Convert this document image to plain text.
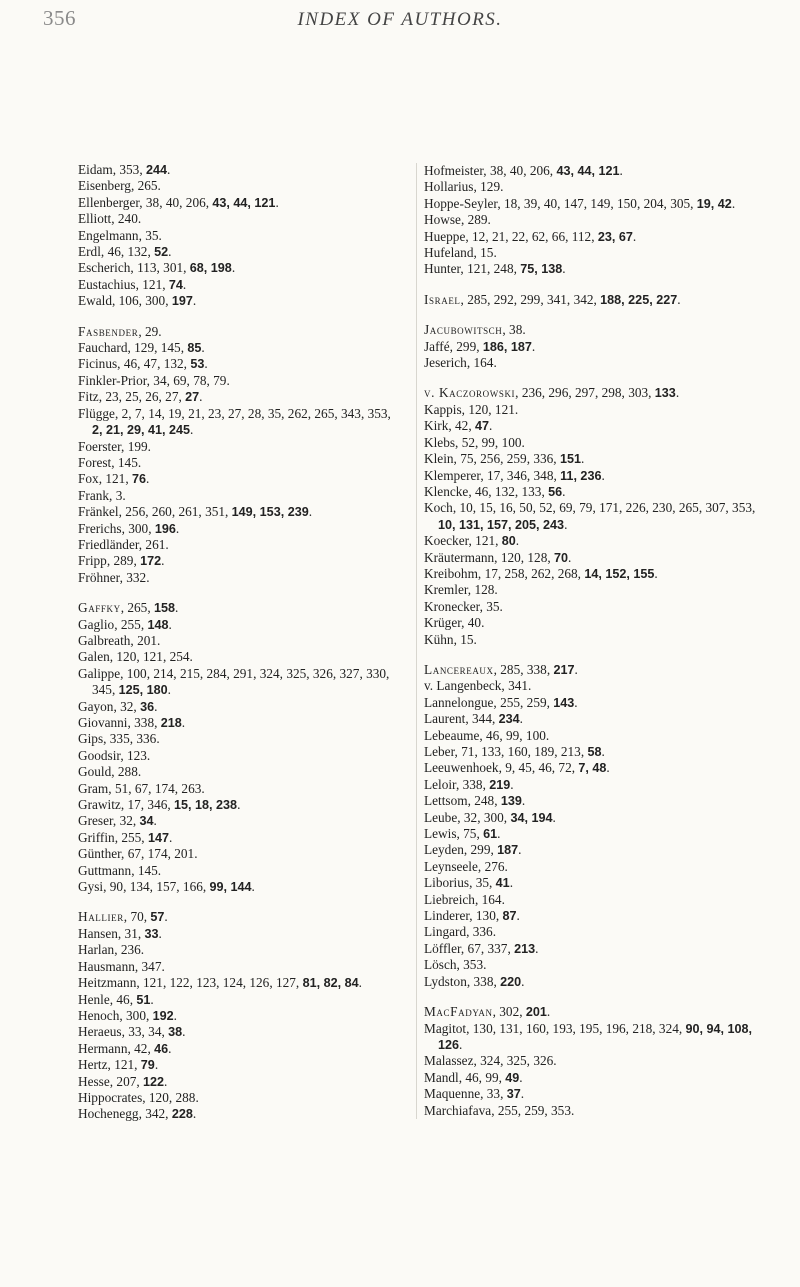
356	INDEX OF AUTHORS.

Eidam, 353, 244.

Eisenberg, 265.

Ellenberger, 38, 40, 206, 43, 44, 121.

Elliott, 240.

Engelmann, 35.

Erdl, 46, 132, 52.

Escherich, 113, 301, 68, 198.

Eustachius, 121, 74.

Ewald, 106, 300, 197.

Fasbender, 29.

Fauchard, 129, 145, 85.

Ficinus, 46, 47, 132, 53.

Finkler-Prior, 34, 69, 78, 79.

Fitz, 23, 25, 26, 27, 27.

Flügge, 2, 7, 14, 19, 21, 23, 27, 28, 35, 262, 265, 343, 353, 2, 21, 29, 41, 245.

Foerster, 199.

Forest, 145.

Fox, 121, 76.

Frank, 3.

Fränkel, 256, 260, 261, 351, 149, 153, 239.

Frerichs, 300, 196.

Friedländer, 261.

Fripp, 289, 172.

Fröhner, 332.

Gaffky, 265, 158.

Gaglio, 255, 148.

Galbreath, 201.

Galen, 120, 121, 254.

Galippe, 100, 214, 215, 284, 291, 324, 325, 326, 327, 330, 345, 125, 180.

Gayon, 32, 36.

Giovanni, 338, 218.

Gips, 335, 336.

Goodsir, 123.

Gould, 288.

Gram, 51, 67, 174, 263.

Grawitz, 17, 346, 15, 18, 238.

Greser, 32, 34.

Griffin, 255, 147.

Günther, 67, 174, 201.

Guttmann, 145.

Gysi, 90, 134, 157, 166, 99, 144.

Hallier, 70, 57.

Hansen, 31, 33.

Harlan, 236.

Hausmann, 347.

Heitzmann, 121, 122, 123, 124, 126, 127, 81, 82, 84.

Henle, 46, 51.

Henoch, 300, 192.

Heraeus, 33, 34, 38.

Hermann, 42, 46.

Hertz, 121, 79.

Hesse, 207, 122.

Hippocrates, 120, 288.

Hochenegg, 342, 228.

Hofmeister, 38, 40, 206, 43, 44, 121.

Hollarius, 129.

Hoppe-Seyler, 18, 39, 40, 147, 149, 150, 204, 305, 19, 42.

Howse, 289.

Hueppe, 12, 21, 22, 62, 66, 112, 23, 67.

Hufeland, 15.

Hunter, 121, 248, 75, 138.

Israel, 285, 292, 299, 341, 342, 188, 225, 227.

Jacubowitsch, 38.

Jaffé, 299, 186, 187.

Jeserich, 164.

v. Kaczorowski, 236, 296, 297, 298, 303, 133.

Kappis, 120, 121.

Kirk, 42, 47.

Klebs, 52, 99, 100.

Klein, 75, 256, 259, 336, 151.

Klemperer, 17, 346, 348, 11, 236.

Klencke, 46, 132, 133, 56.

Koch, 10, 15, 16, 50, 52, 69, 79, 171, 226, 230, 265, 307, 353, 10, 131, 157, 205, 243.

Koecker, 121, 80.

Kräutermann, 120, 128, 70.

Kreibohm, 17, 258, 262, 268, 14, 152, 155.

Kremler, 128.

Kronecker, 35.

Krüger, 40.

Kühn, 15.

Lancereaux, 285, 338, 217.

v. Langenbeck, 341.

Lannelongue, 255, 259, 143.

Laurent, 344, 234.

Lebeaume, 46, 99, 100.

Leber, 71, 133, 160, 189, 213, 58.

Leeuwenhoek, 9, 45, 46, 72, 7, 48.

Leloir, 338, 219.

Lettsom, 248, 139.

Leube, 32, 300, 34, 194.

Lewis, 75, 61.

Leyden, 299, 187.

Leynseele, 276.

Liborius, 35, 41.

Liebreich, 164.

Linderer, 130, 87.

Lingard, 336.

Löffler, 67, 337, 213.

Lösch, 353.

Lydston, 338, 220.

MacFadyan, 302, 201.

Magitot, 130, 131, 160, 193, 195, 196, 218, 324, 90, 94, 108, 126.

Malassez, 324, 325, 326.

Mandl, 46, 99, 49.

Maquenne, 33, 37.

Marchiafava, 255, 259, 353.
